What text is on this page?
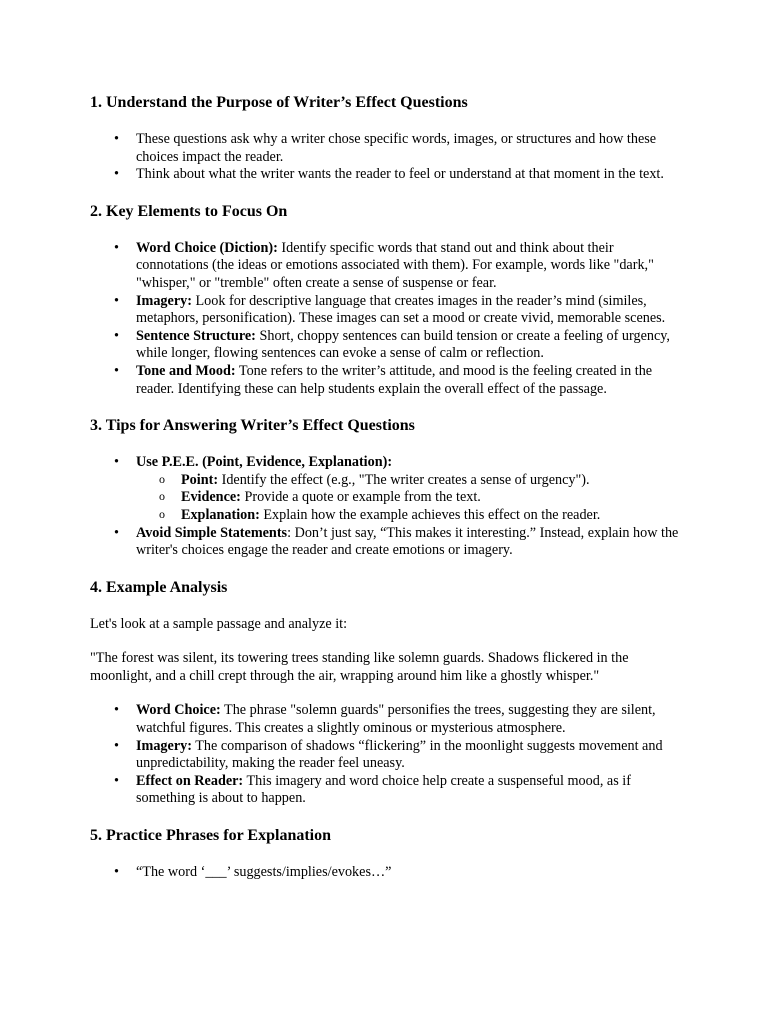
1. Understand the Purpose of Writer’s Effect Questions
• These questions ask why a writer chose specific words, images, or structures and how these choices impact the reader.
• Think about what the writer wants the reader to feel or understand at that moment in the text.
2. Key Elements to Focus On
• Word Choice (Diction): Identify specific words that stand out and think about their connotations (the ideas or emotions associated with them). For example, words like "dark," "whisper," or "tremble" often create a sense of suspense or fear.
• Imagery: Look for descriptive language that creates images in the reader’s mind (similes, metaphors, personification). These images can set a mood or create vivid, memorable scenes.
• Sentence Structure: Short, choppy sentences can build tension or create a feeling of urgency, while longer, flowing sentences can evoke a sense of calm or reflection.
• Tone and Mood: Tone refers to the writer’s attitude, and mood is the feeling created in the reader. Identifying these can help students explain the overall effect of the passage.
3. Tips for Answering Writer’s Effect Questions
• Use P.E.E. (Point, Evidence, Explanation):
o Point: Identify the effect (e.g., "The writer creates a sense of urgency").
o Evidence: Provide a quote or example from the text.
o Explanation: Explain how the example achieves this effect on the reader.
• Avoid Simple Statements: Don’t just say, “This makes it interesting.” Instead, explain how the writer's choices engage the reader and create emotions or imagery.
4. Example Analysis

Let's look at a sample passage and analyze it:

"The forest was silent, its towering trees standing like solemn guards. Shadows flickered in the moonlight, and a chill crept through the air, wrapping around him like a ghostly whisper."

• Word Choice: The phrase "solemn guards" personifies the trees, suggesting they are silent, watchful figures. This creates a slightly ominous or mysterious atmosphere.
• Imagery: The comparison of shadows “flickering” in the moonlight suggests movement and unpredictability, making the reader feel uneasy.
• Effect on Reader: This imagery and word choice help create a suspenseful mood, as if something is about to happen.
5. Practice Phrases for Explanation
• “The word ‘___’ suggests/implies/evokes…”
